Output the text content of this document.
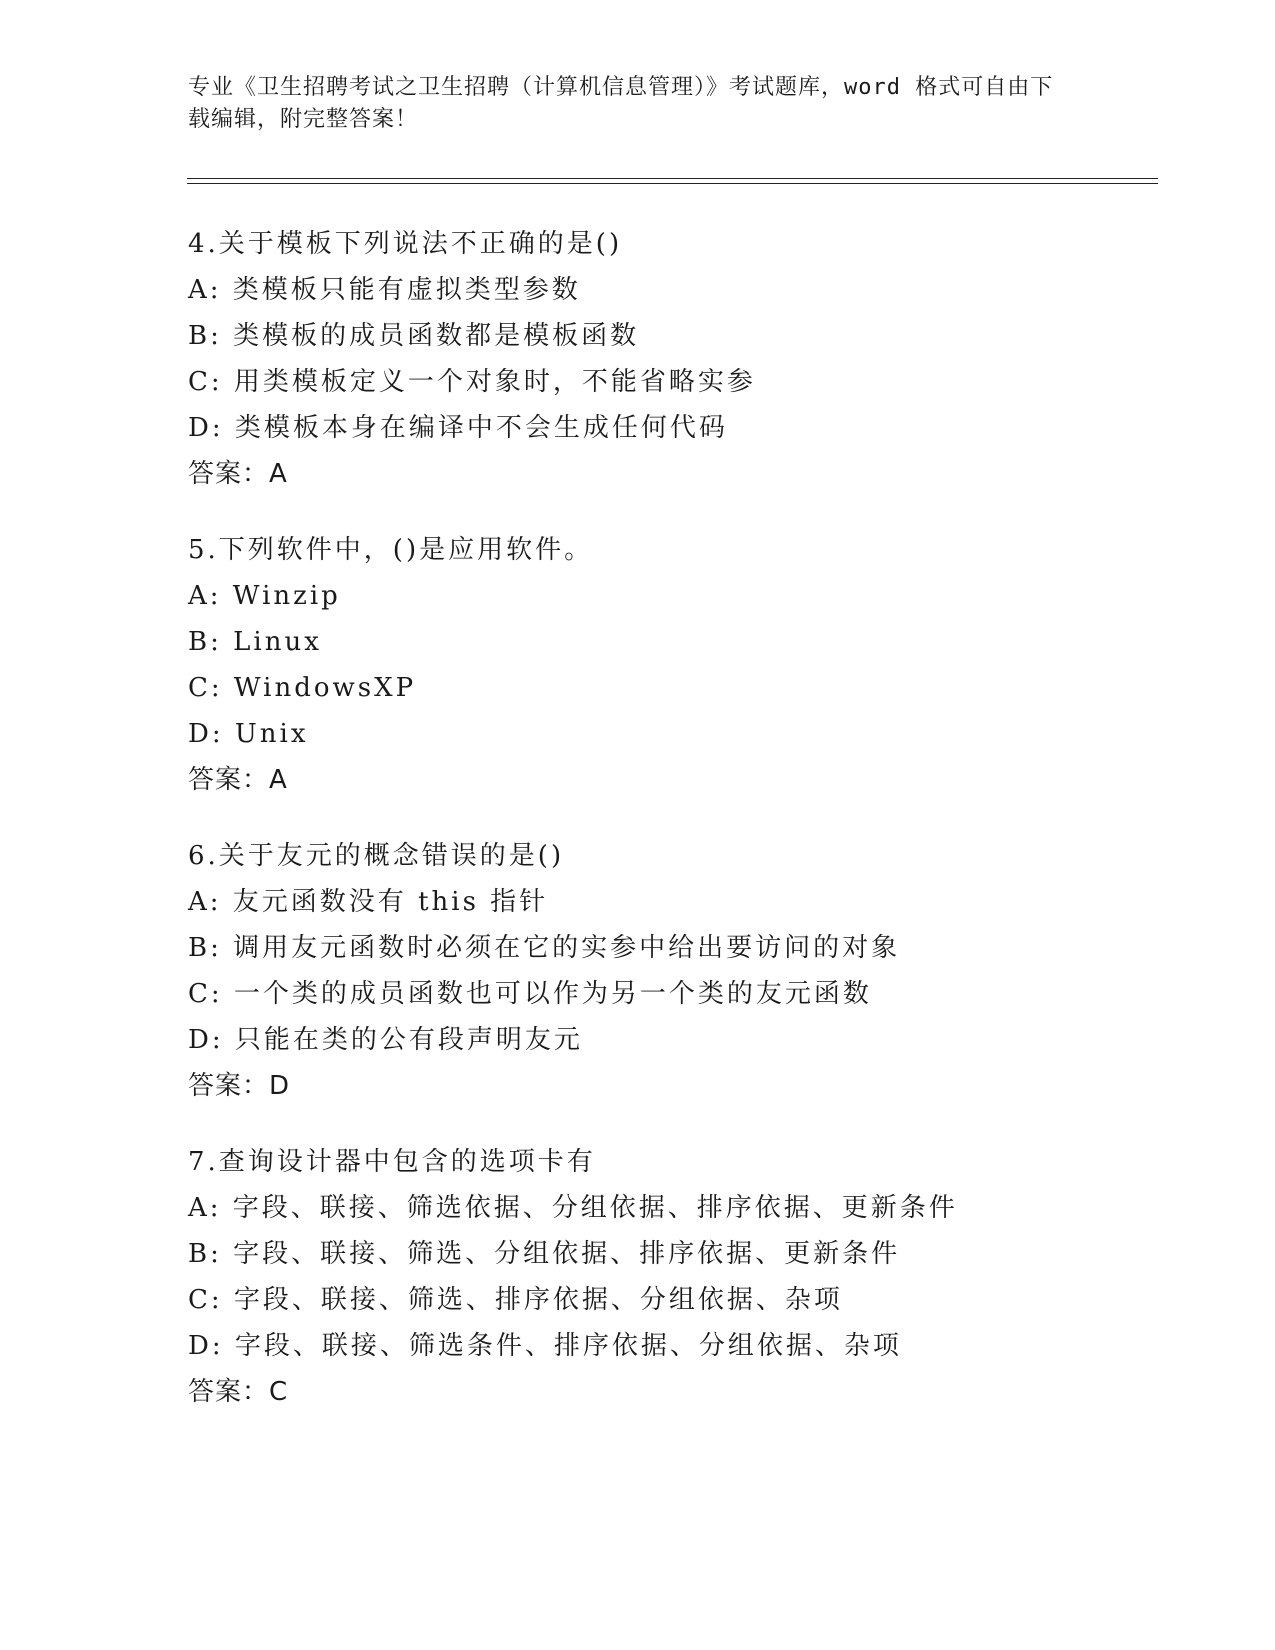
专业《卫生招聘考试之卫生招聘（计算机信息管理）》考试题库，word 格式可自由下载编辑，附完整答案！
4.关于模板下列说法不正确的是()
A: 类模板只能有虚拟类型参数
B: 类模板的成员函数都是模板函数
C: 用类模板定义一个对象时，不能省略实参
D: 类模板本身在编译中不会生成任何代码
答案：A
5.下列软件中，()是应用软件。
A: Winzip
B: Linux
C: WindowsXP
D: Unix
答案：A
6.关于友元的概念错误的是()
A: 友元函数没有 this 指针
B: 调用友元函数时必须在它的实参中给出要访问的对象
C: 一个类的成员函数也可以作为另一个类的友元函数
D: 只能在类的公有段声明友元
答案：D
7.查询设计器中包含的选项卡有
A: 字段、联接、筛选依据、分组依据、排序依据、更新条件
B: 字段、联接、筛选、分组依据、排序依据、更新条件
C: 字段、联接、筛选、排序依据、分组依据、杂项
D: 字段、联接、筛选条件、排序依据、分组依据、杂项
答案：C
